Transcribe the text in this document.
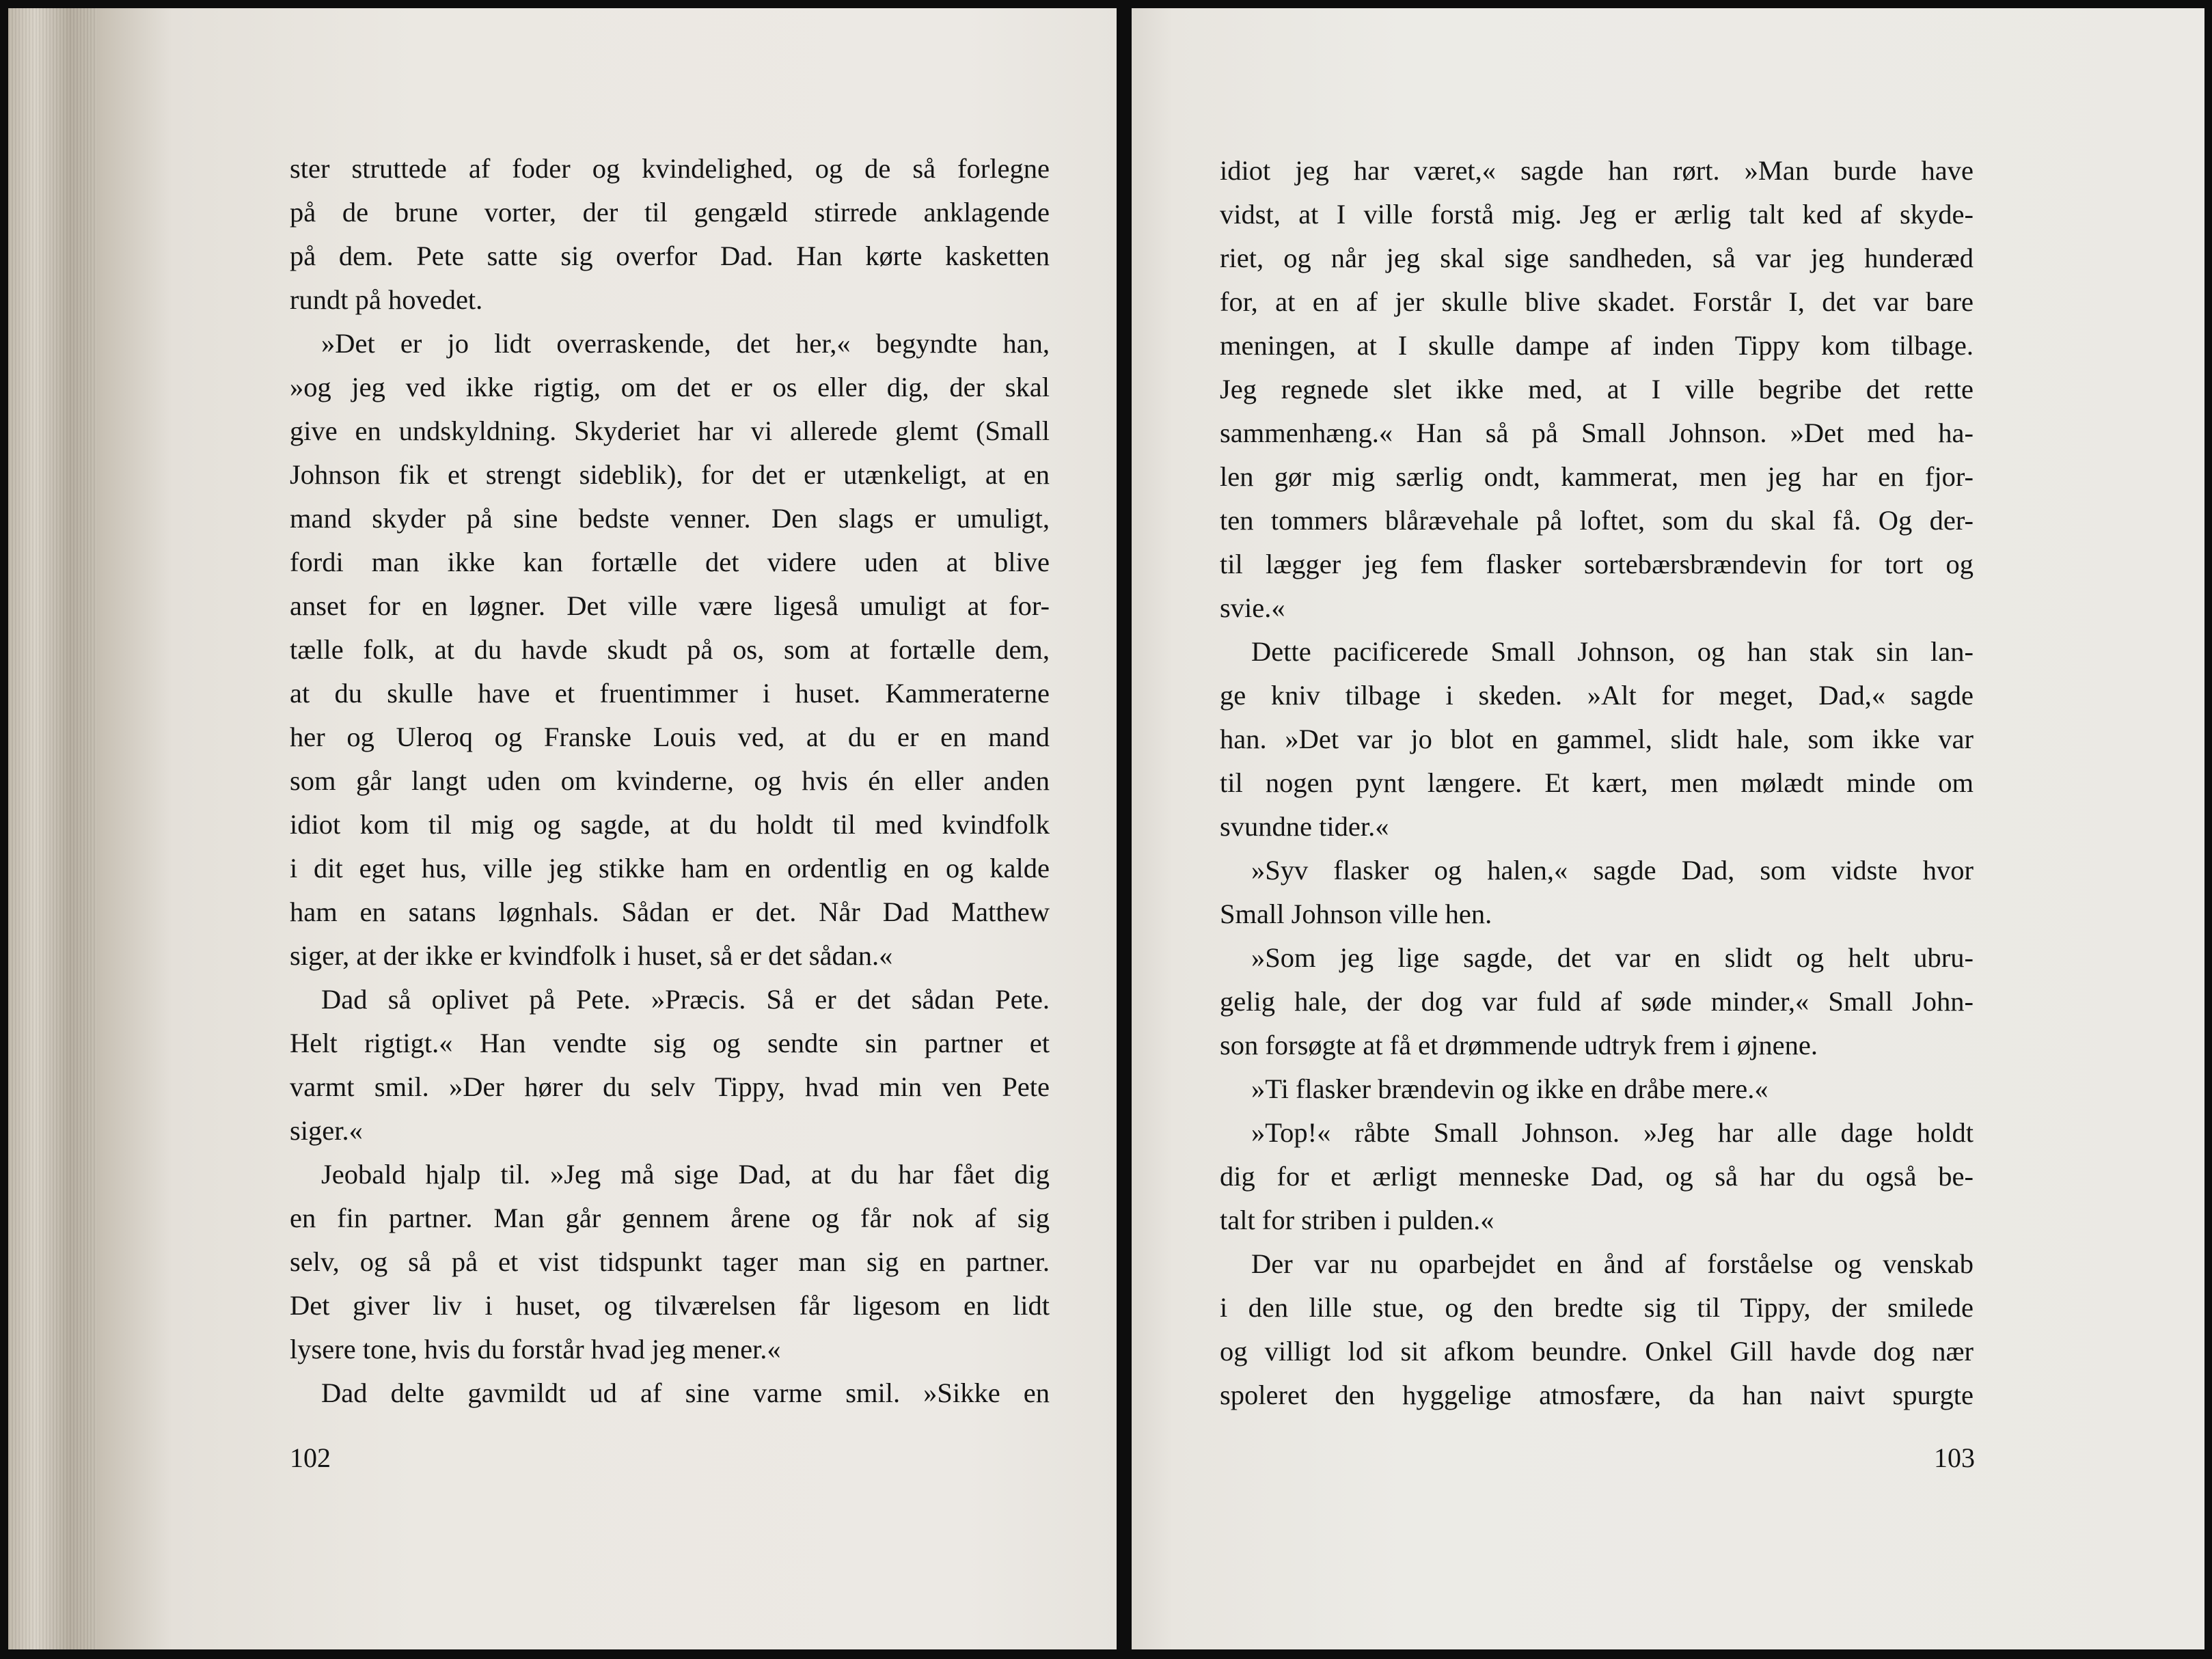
ster struttede af foder og kvindelighed, og de så forlegne
på de brune vorter, der til gengæld stirrede anklagende
på dem. Pete satte sig overfor Dad. Han kørte kasketten
rundt på hovedet.
»Det er jo lidt overraskende, det her,« begyndte han,
»og jeg ved ikke rigtig, om det er os eller dig, der skal
give en undskyldning. Skyderiet har vi allerede glemt (Small
Johnson fik et strengt sideblik), for det er utænkeligt, at en
mand skyder på sine bedste venner. Den slags er umuligt,
fordi man ikke kan fortælle det videre uden at blive
anset for en løgner. Det ville være ligeså umuligt at for-
tælle folk, at du havde skudt på os, som at fortælle dem,
at du skulle have et fruentimmer i huset. Kammeraterne
her og Uleroq og Franske Louis ved, at du er en mand
som går langt uden om kvinderne, og hvis én eller anden
idiot kom til mig og sagde, at du holdt til med kvindfolk
i dit eget hus, ville jeg stikke ham en ordentlig en og kalde
ham en satans løgnhals. Sådan er det. Når Dad Matthew
siger, at der ikke er kvindfolk i huset, så er det sådan.«
Dad så oplivet på Pete. »Præcis. Så er det sådan Pete.
Helt rigtigt.« Han vendte sig og sendte sin partner et
varmt smil. »Der hører du selv Tippy, hvad min ven Pete
siger.«
Jeobald hjalp til. »Jeg må sige Dad, at du har fået dig
en fin partner. Man går gennem årene og får nok af sig
selv, og så på et vist tidspunkt tager man sig en partner.
Det giver liv i huset, og tilværelsen får ligesom en lidt
lysere tone, hvis du forstår hvad jeg mener.«
Dad delte gavmildt ud af sine varme smil. »Sikke en
102
idiot jeg har været,« sagde han rørt. »Man burde have
vidst, at I ville forstå mig. Jeg er ærlig talt ked af skyde-
riet, og når jeg skal sige sandheden, så var jeg hunderæd
for, at en af jer skulle blive skadet. Forstår I, det var bare
meningen, at I skulle dampe af inden Tippy kom tilbage.
Jeg regnede slet ikke med, at I ville begribe det rette
sammenhæng.« Han så på Small Johnson. »Det med ha-
len gør mig særlig ondt, kammerat, men jeg har en fjor-
ten tommers blårævehale på loftet, som du skal få. Og der-
til lægger jeg fem flasker sortebærsbrændevin for tort og
svie.«
Dette pacificerede Small Johnson, og han stak sin lan-
ge kniv tilbage i skeden. »Alt for meget, Dad,« sagde
han. »Det var jo blot en gammel, slidt hale, som ikke var
til nogen pynt længere. Et kært, men mølædt minde om
svundne tider.«
»Syv flasker og halen,« sagde Dad, som vidste hvor
Small Johnson ville hen.
»Som jeg lige sagde, det var en slidt og helt ubru-
gelig hale, der dog var fuld af søde minder,« Small John-
son forsøgte at få et drømmende udtryk frem i øjnene.
»Ti flasker brændevin og ikke en dråbe mere.«
»Top!« råbte Small Johnson. »Jeg har alle dage holdt
dig for et ærligt menneske Dad, og så har du også be-
talt for striben i pulden.«
Der var nu oparbejdet en ånd af forståelse og venskab
i den lille stue, og den bredte sig til Tippy, der smilede
og villigt lod sit afkom beundre. Onkel Gill havde dog nær
spoleret den hyggelige atmosfære, da han naivt spurgte
103
